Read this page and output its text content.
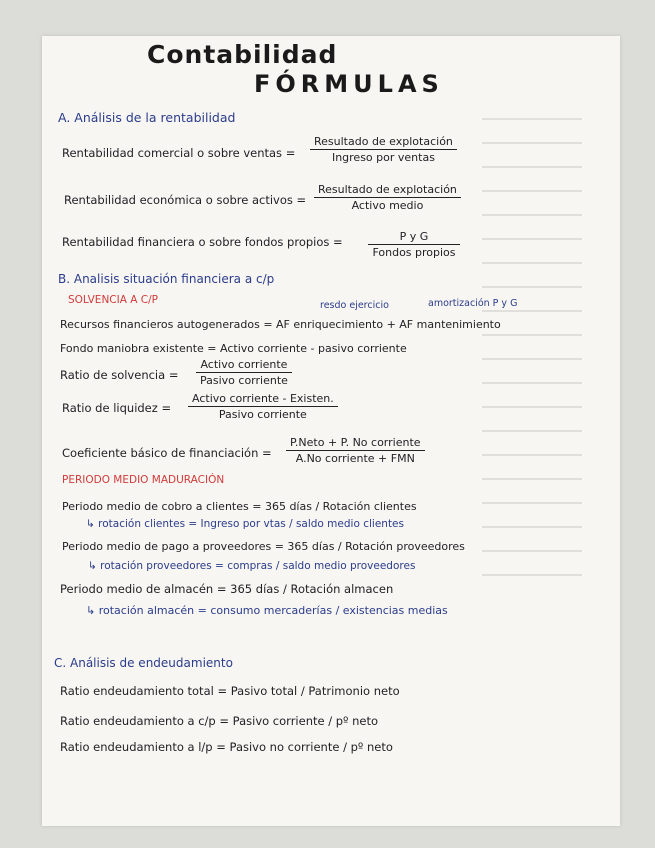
Contabilidad
FÓRMULAS
A. Análisis de la rentabilidad
Rentabilidad comercial o sobre ventas =
Resultado de explotación
Ingreso por ventas
Rentabilidad económica o sobre activos =
Resultado de explotación
Activo medio
Rentabilidad financiera o sobre fondos propios =	P y G
Fondos propios
B. Analisis situación financiera a c/p
SOLVENCIA A C/P	resdo ejercicio	amortización P y G
Recursos financieros autogenerados = AF enriquecimiento + AF mantenimiento
Fondo maniobra existente = Activo corriente - pasivo corriente
Ratio de solvencia =
Activo corriente
Pasivo corriente
Ratio de liquidez =
Activo corriente - Existen.
Pasivo corriente
Coeficiente básico de financiación =
P.Neto + P. No corriente
A.No corriente + FMN
PERIODO MEDIO MADURACIÓN
Periodo medio de cobro a clientes = 365 días / Rotación clientes
↳ rotación clientes = Ingreso por vtas / saldo medio clientes
Periodo medio de pago a proveedores = 365 días / Rotación proveedores
↳ rotación proveedores = compras / saldo medio proveedores
Periodo medio de almacén = 365 días / Rotación almacen
↳ rotación almacén = consumo mercaderías / existencias medias
C. Análisis de endeudamiento
Ratio endeudamiento total = Pasivo total / Patrimonio neto
Ratio endeudamiento a c/p = Pasivo corriente / pº neto
Ratio endeudamiento a l/p = Pasivo no corriente / pº neto
